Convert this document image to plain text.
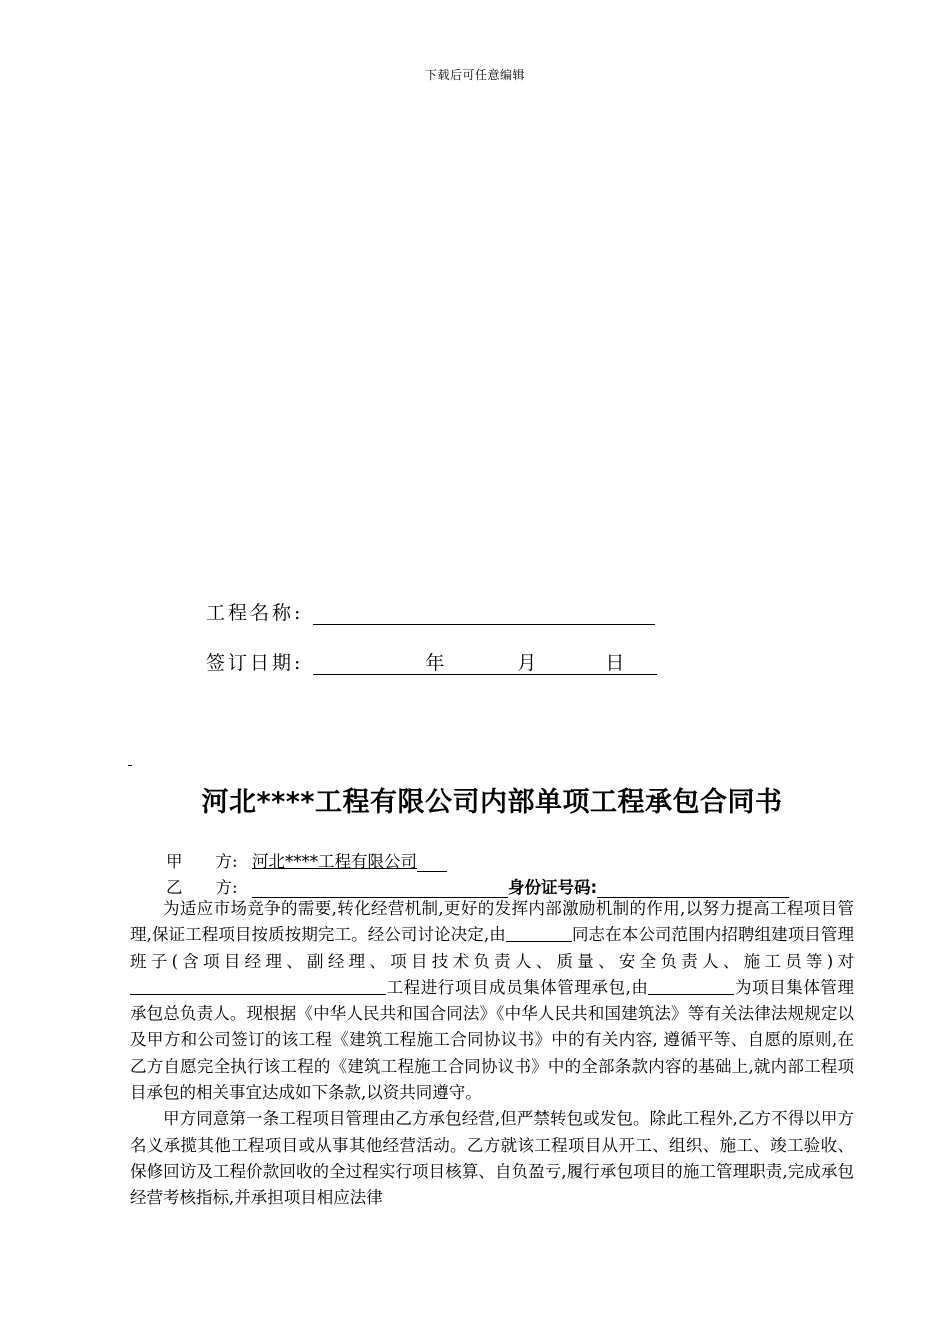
下载后可任意编辑
工程名称:
签订日期:	年	月	日
河北****工程有限公司内部单项工程承包合同书
甲　　方: 河北****工程有限公司
乙　　方:	身份证号码:

为适应市场竞争的需要,转化经营机制,更好的发挥内部激励机制的作用,以努力提高工程项目管理,保证工程项目按质按期完工。经公司讨论决定,由	同志在本公司范围内招聘组建项目管理班子(含项目经理、副经理、项目技术负责人、质量、安全负责人、施工员等)对工程进行项目成员集体管理承包,由	为项目集体管理承包总负责人。现根据《中华人民共和国合同法》《中华人民共和国建筑法》等有关法律法规规定以及甲方和公司签订的该工程《建筑工程施工合同协议书》中的有关内容, 遵循平等、自愿的原则,在乙方自愿完全执行该工程的《建筑工程施工合同协议书》中的全部条款内容的基础上,就内部工程项目承包的相关事宜达成如下条款,以资共同遵守。

甲方同意第一条工程项目管理由乙方承包经营,但严禁转包或发包。除此工程外,乙方不得以甲方名义承揽其他工程项目或从事其他经营活动。乙方就该工程项目从开工、组织、施工、竣工验收、保修回访及工程价款回收的全过程实行项目核算、自负盈亏,履行承包项目的施工管理职责,完成承包经营考核指标,并承担项目相应法律
